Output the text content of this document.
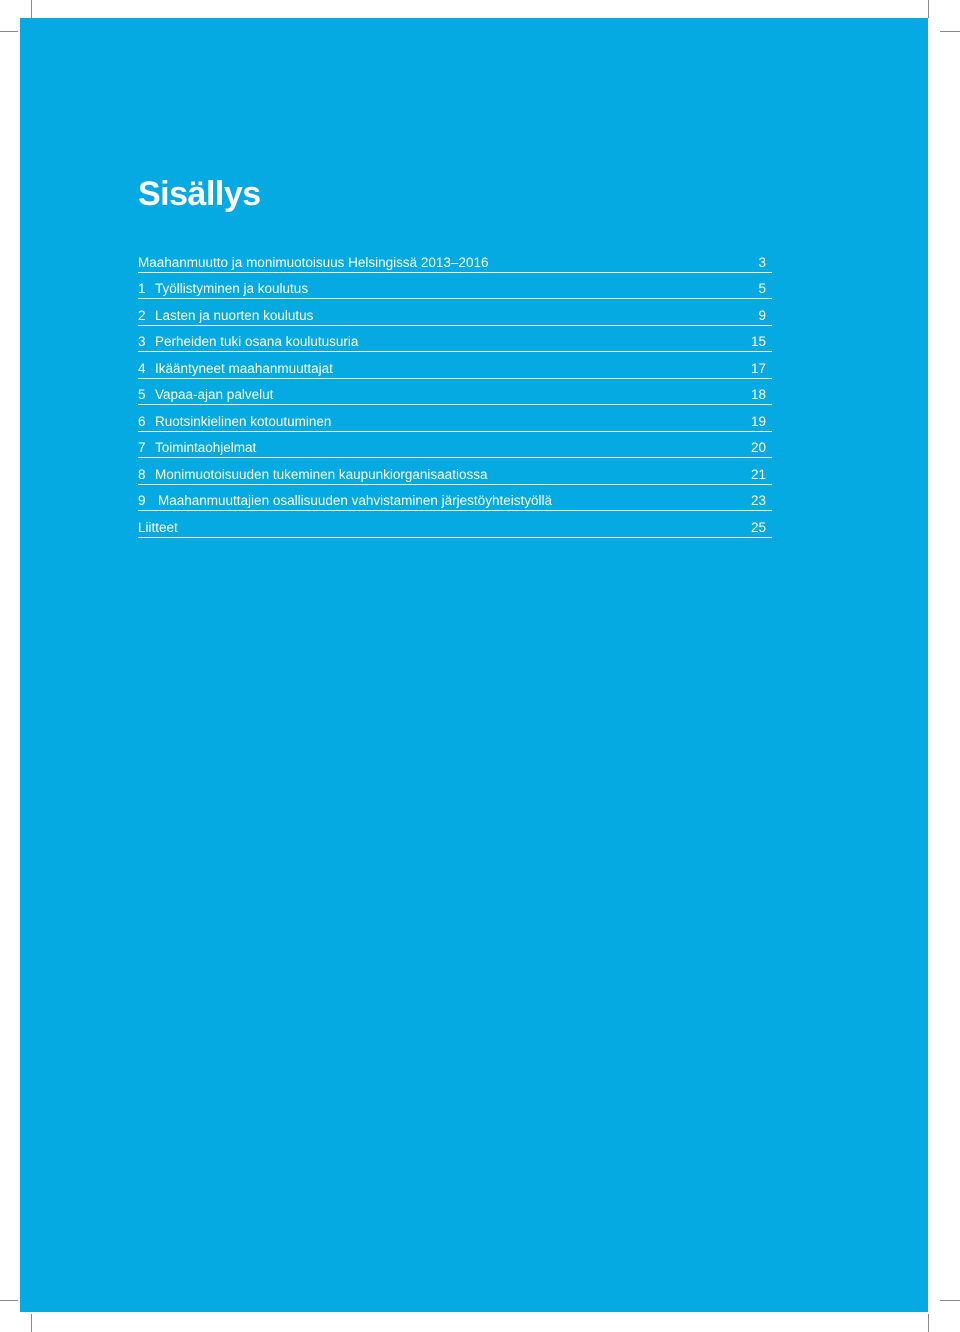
Sisällys
Maahanmuutto ja monimuotoisuus Helsingissä 2013–2016	3
1 Työllistyminen ja koulutus	5
2 Lasten ja nuorten koulutus	9
3 Perheiden tuki osana koulutusuria	15
4 Ikääntyneet maahanmuuttajat	17
5 Vapaa-ajan palvelut	18
6 Ruotsinkielinen kotoutuminen	19
7 Toimintaohjelmat	20
8 Monimuotoisuuden tukeminen kaupunkiorganisaatiossa	21
9 Maahanmuuttajien osallisuuden vahvistaminen järjestöyhteistyöllä	23
Liitteet	25
